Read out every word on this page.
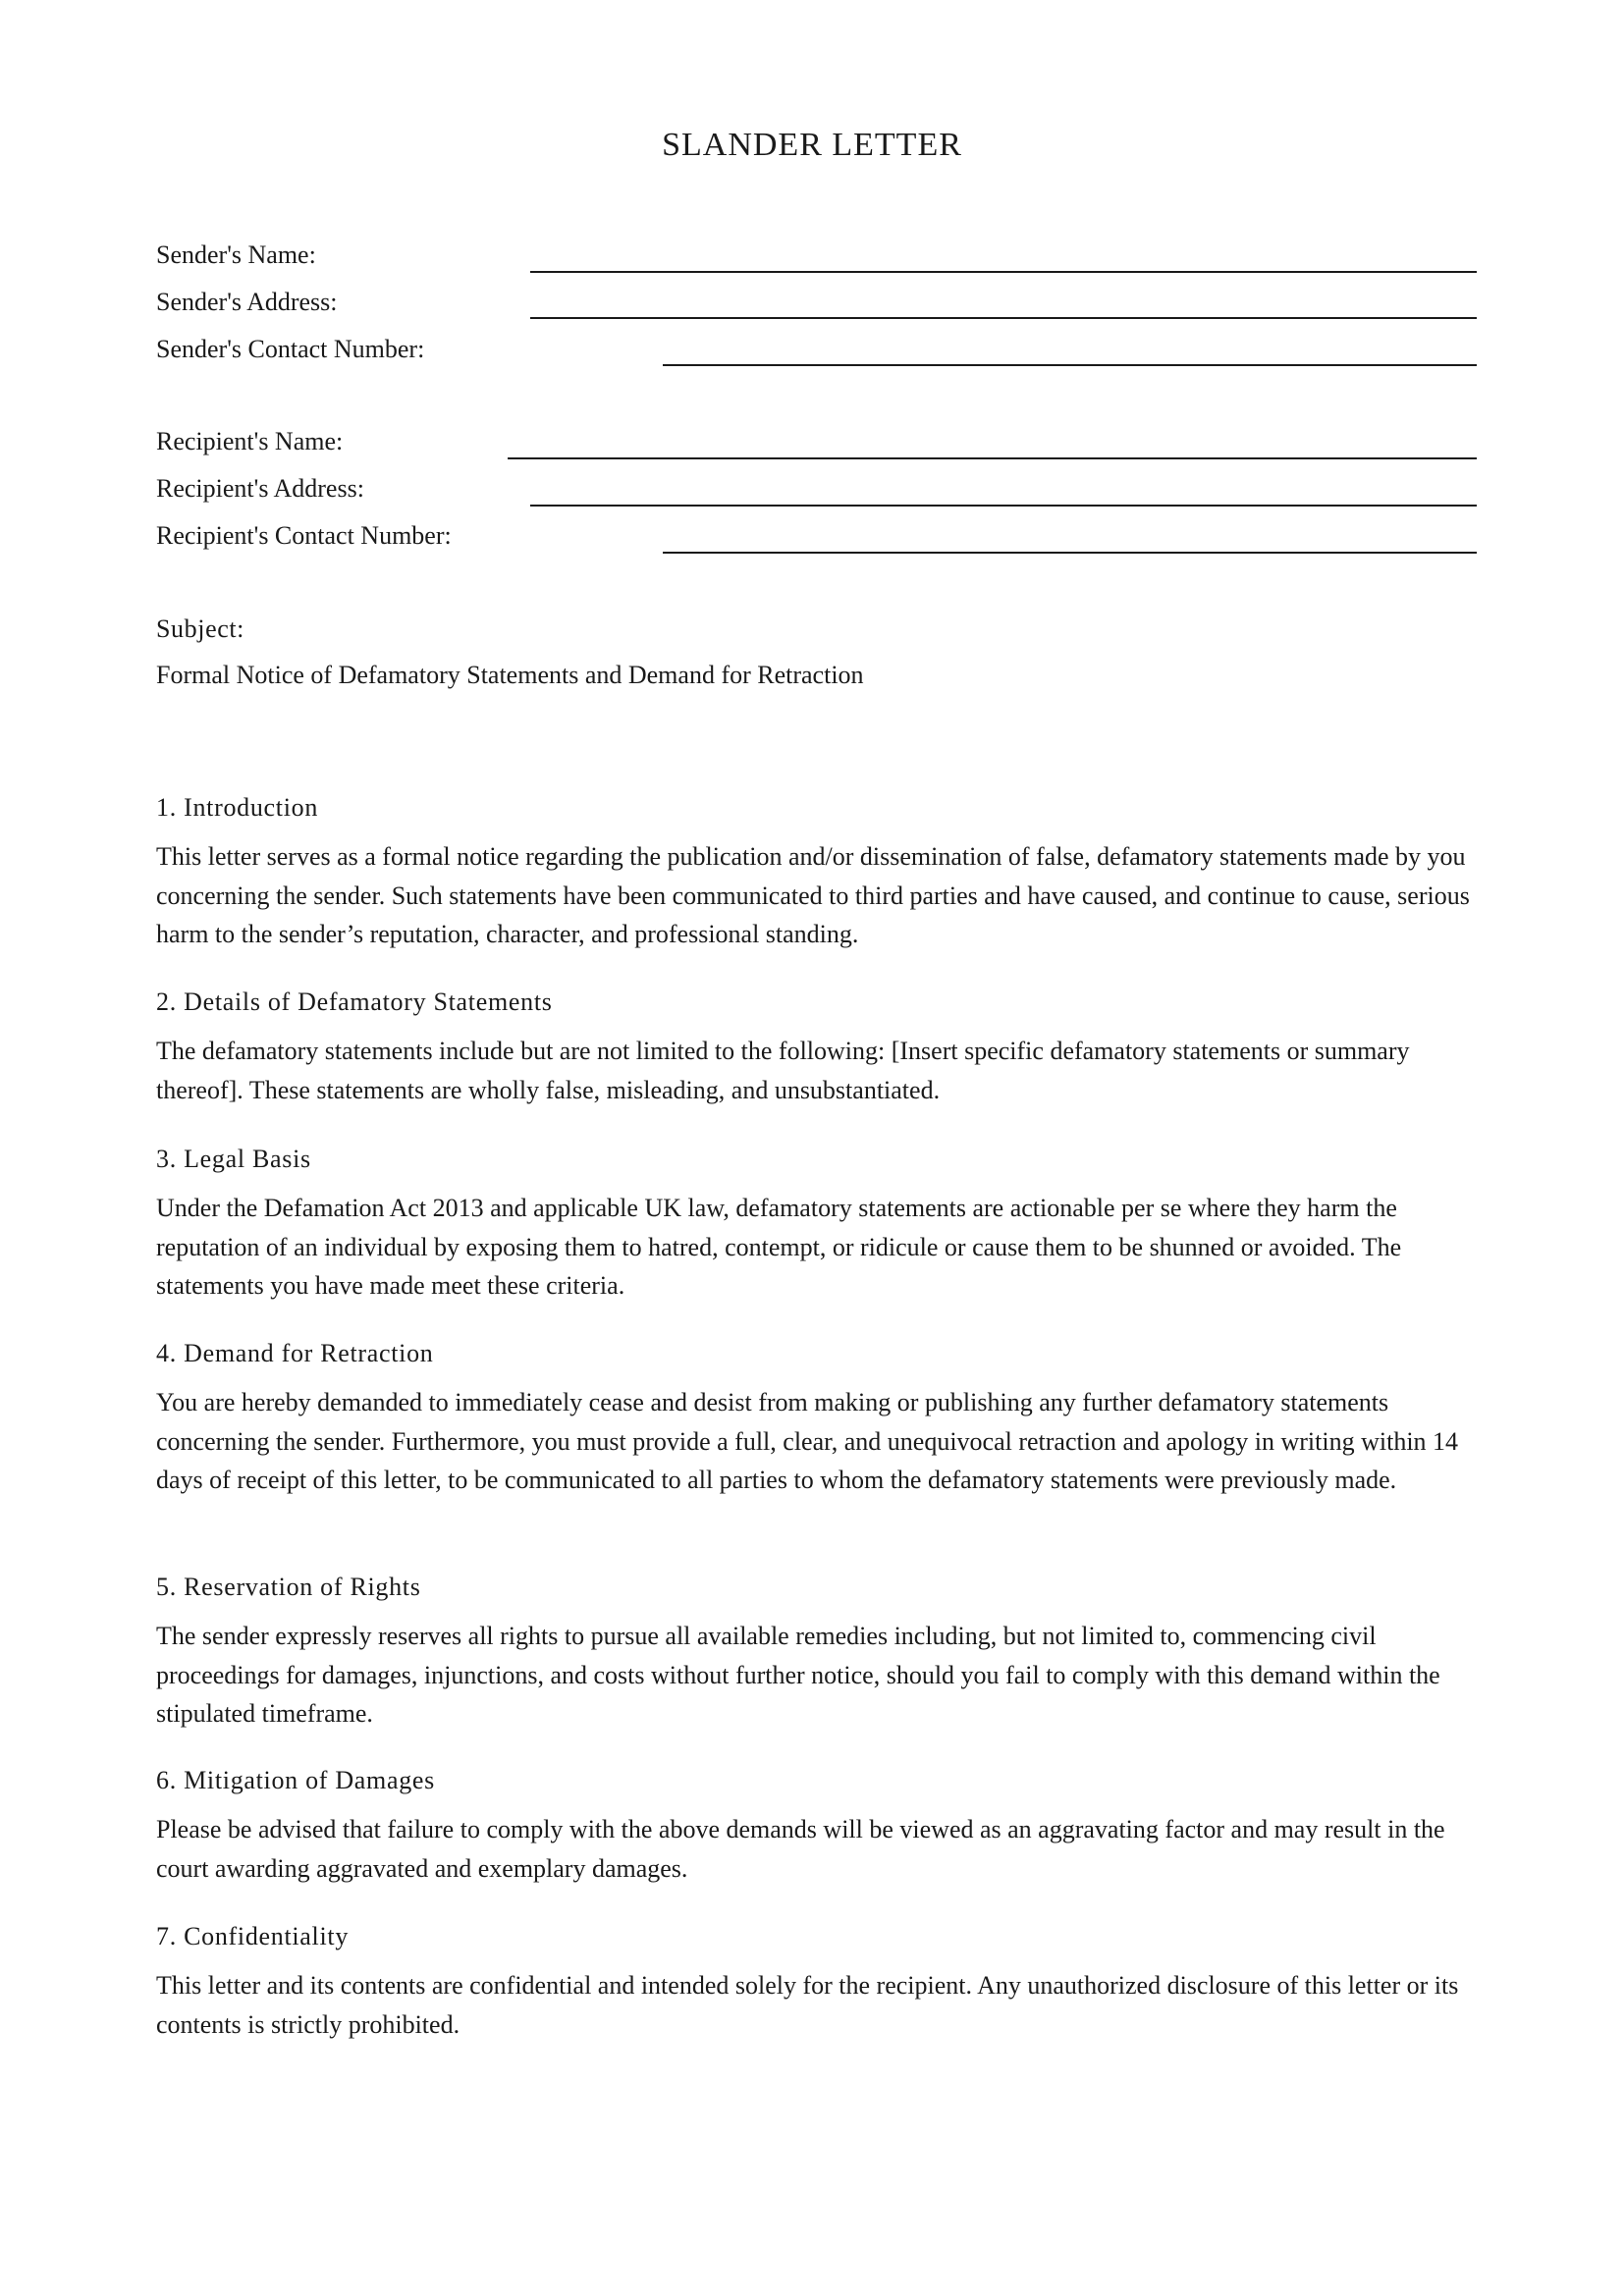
SLANDER LETTER
Sender's Name:
Sender's Address:
Sender's Contact Number:
Recipient's Name:
Recipient's Address:
Recipient's Contact Number:
Subject:
Formal Notice of Defamatory Statements and Demand for Retraction
1. Introduction

This letter serves as a formal notice regarding the publication and/or dissemination of false, defamatory statements made by you concerning the sender. Such statements have been communicated to third parties and have caused, and continue to cause, serious harm to the sender’s reputation, character, and professional standing.

2. Details of Defamatory Statements

The defamatory statements include but are not limited to the following: [Insert specific defamatory statements or summary thereof]. These statements are wholly false, misleading, and unsubstantiated.

3. Legal Basis

Under the Defamation Act 2013 and applicable UK law, defamatory statements are actionable per se where they harm the reputation of an individual by exposing them to hatred, contempt, or ridicule or cause them to be shunned or avoided. The statements you have made meet these criteria.

4. Demand for Retraction

You are hereby demanded to immediately cease and desist from making or publishing any further defamatory statements concerning the sender. Furthermore, you must provide a full, clear, and unequivocal retraction and apology in writing within 14 days of receipt of this letter, to be communicated to all parties to whom the defamatory statements were previously made.

5. Reservation of Rights

The sender expressly reserves all rights to pursue all available remedies including, but not limited to, commencing civil proceedings for damages, injunctions, and costs without further notice, should you fail to comply with this demand within the stipulated timeframe.

6. Mitigation of Damages

Please be advised that failure to comply with the above demands will be viewed as an aggravating factor and may result in the court awarding aggravated and exemplary damages.

7. Confidentiality

This letter and its contents are confidential and intended solely for the recipient. Any unauthorized disclosure of this letter or its contents is strictly prohibited.
